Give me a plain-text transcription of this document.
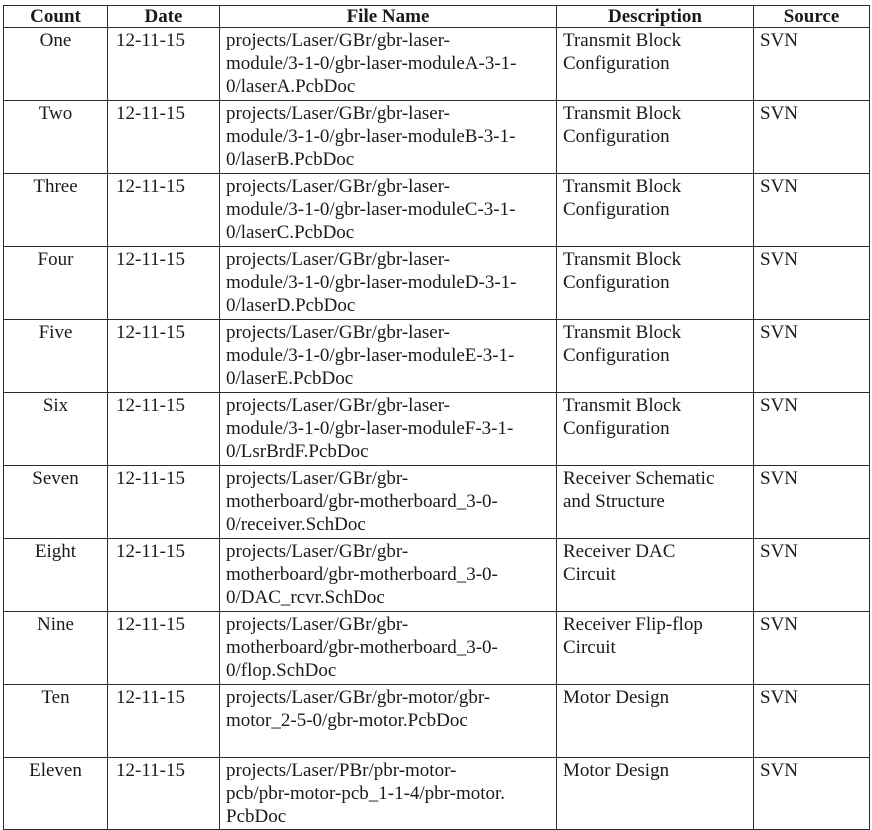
Count	Date	File Name	Description	Source
One	12-11-15	projects/Laser/GBr/gbr-laser-
module/3-1-0/gbr-laser-moduleA-3-1-
0/laserA.PcbDoc	Transmit Block
Configuration	SVN
Two	12-11-15	projects/Laser/GBr/gbr-laser-
module/3-1-0/gbr-laser-moduleB-3-1-
0/laserB.PcbDoc	Transmit Block
Configuration	SVN
Three	12-11-15	projects/Laser/GBr/gbr-laser-
module/3-1-0/gbr-laser-moduleC-3-1-
0/laserC.PcbDoc	Transmit Block
Configuration	SVN
Four	12-11-15	projects/Laser/GBr/gbr-laser-
module/3-1-0/gbr-laser-moduleD-3-1-
0/laserD.PcbDoc	Transmit Block
Configuration	SVN
Five	12-11-15	projects/Laser/GBr/gbr-laser-
module/3-1-0/gbr-laser-moduleE-3-1-
0/laserE.PcbDoc	Transmit Block
Configuration	SVN
Six	12-11-15	projects/Laser/GBr/gbr-laser-
module/3-1-0/gbr-laser-moduleF-3-1-
0/LsrBrdF.PcbDoc	Transmit Block
Configuration	SVN
Seven	12-11-15	projects/Laser/GBr/gbr-
motherboard/gbr-motherboard_3-0-
0/receiver.SchDoc	Receiver Schematic
and Structure	SVN
Eight	12-11-15	projects/Laser/GBr/gbr-
motherboard/gbr-motherboard_3-0-
0/DAC_rcvr.SchDoc	Receiver DAC
Circuit	SVN
Nine	12-11-15	projects/Laser/GBr/gbr-
motherboard/gbr-motherboard_3-0-
0/flop.SchDoc	Receiver Flip-flop
Circuit	SVN
Ten	12-11-15	projects/Laser/GBr/gbr-motor/gbr-
motor_2-5-0/gbr-motor.PcbDoc	Motor Design	SVN
Eleven	12-11-15	projects/Laser/PBr/pbr-motor-
pcb/pbr-motor-pcb_1-1-4/pbr-motor.
PcbDoc	Motor Design	SVN
